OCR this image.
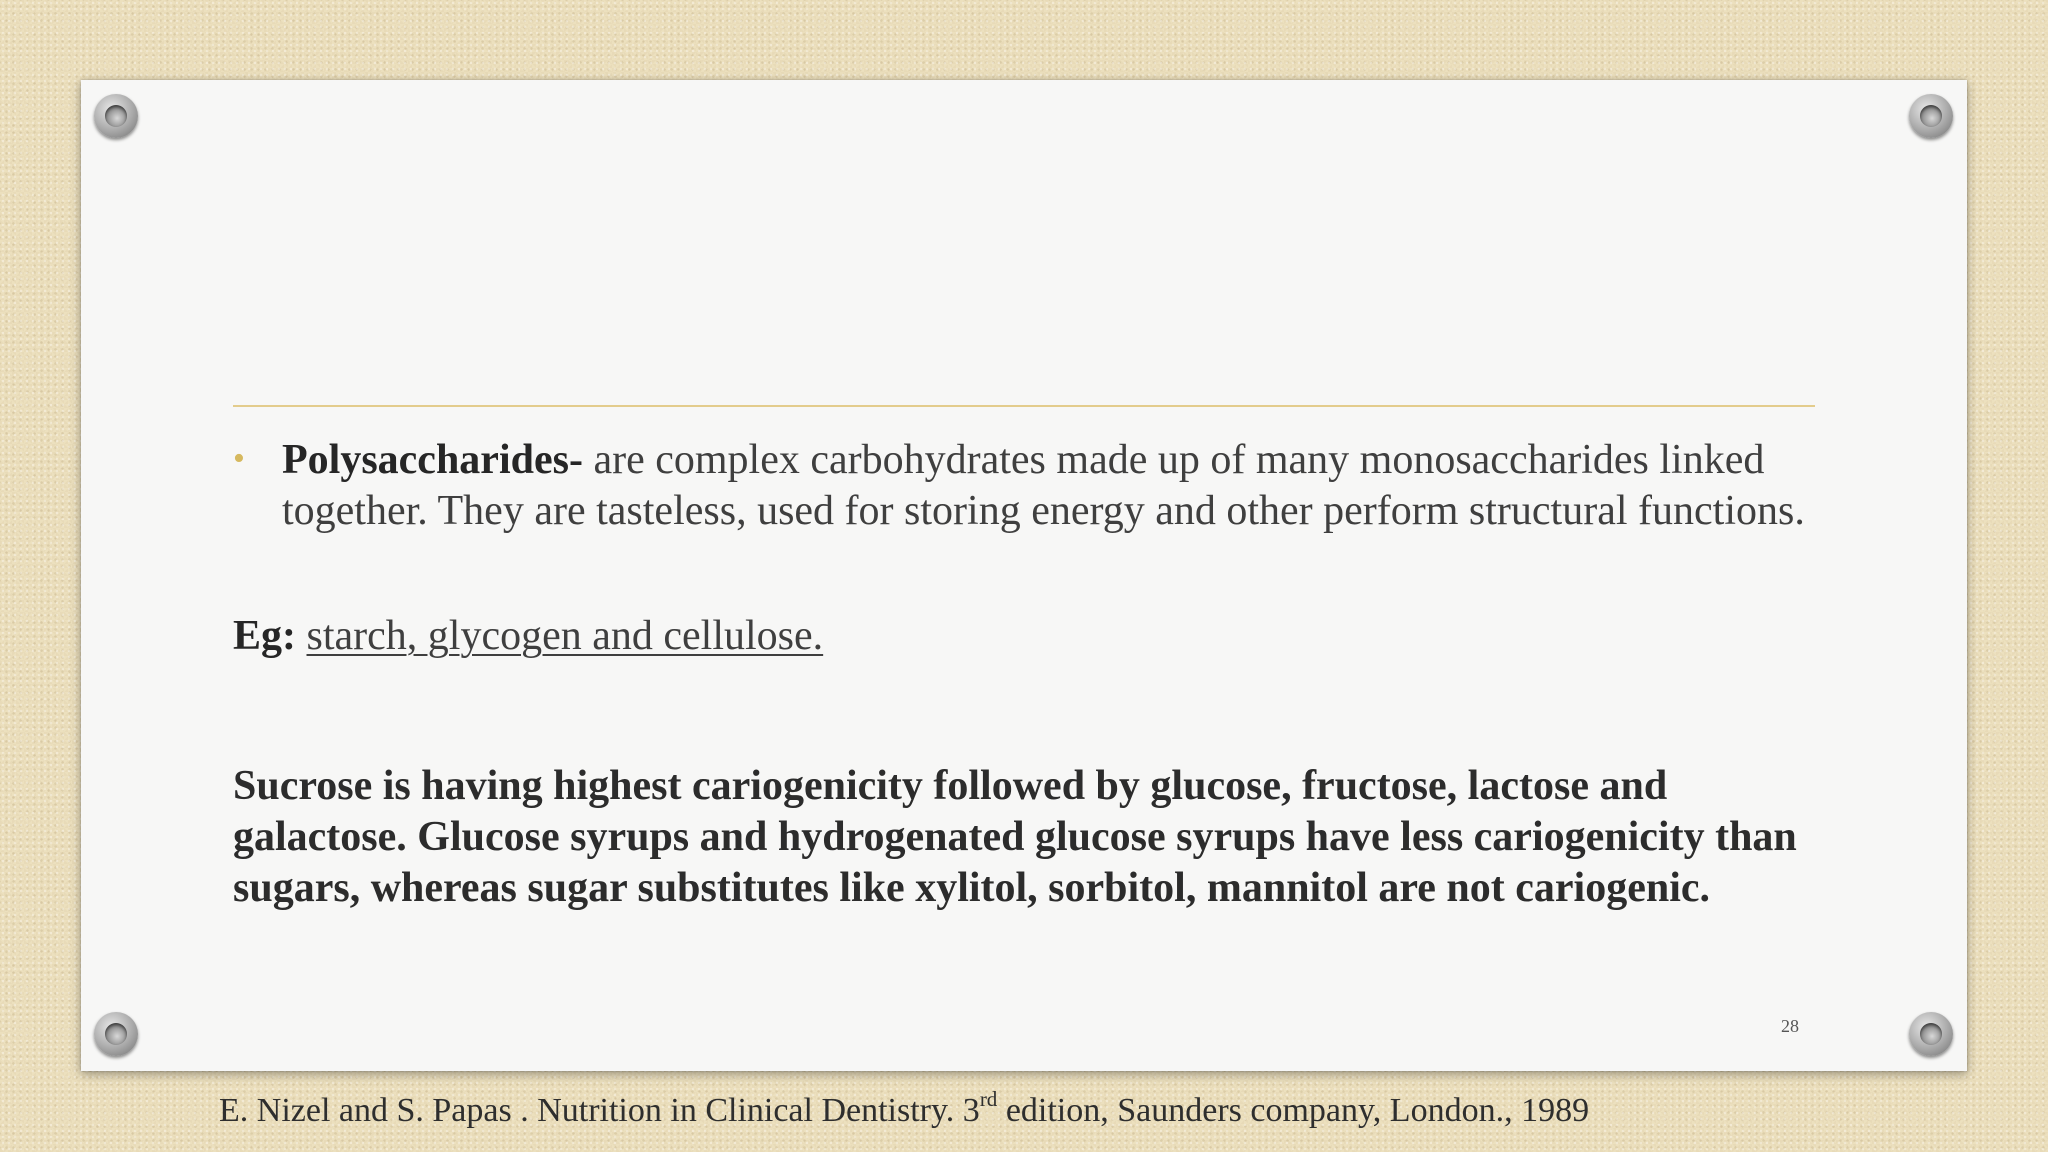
• Polysaccharides- are complex carbohydrates made up of many monosaccharides linked together. They are tasteless, used for storing energy and other perform structural functions.
Eg: starch, glycogen and cellulose.
Sucrose is having highest cariogenicity followed by glucose, fructose, lactose and galactose. Glucose syrups and hydrogenated glucose syrups have less cariogenicity than sugars, whereas sugar substitutes like xylitol, sorbitol, mannitol are not cariogenic.
28
E. Nizel and S. Papas . Nutrition in Clinical Dentistry. 3rd edition, Saunders company, London., 1989
